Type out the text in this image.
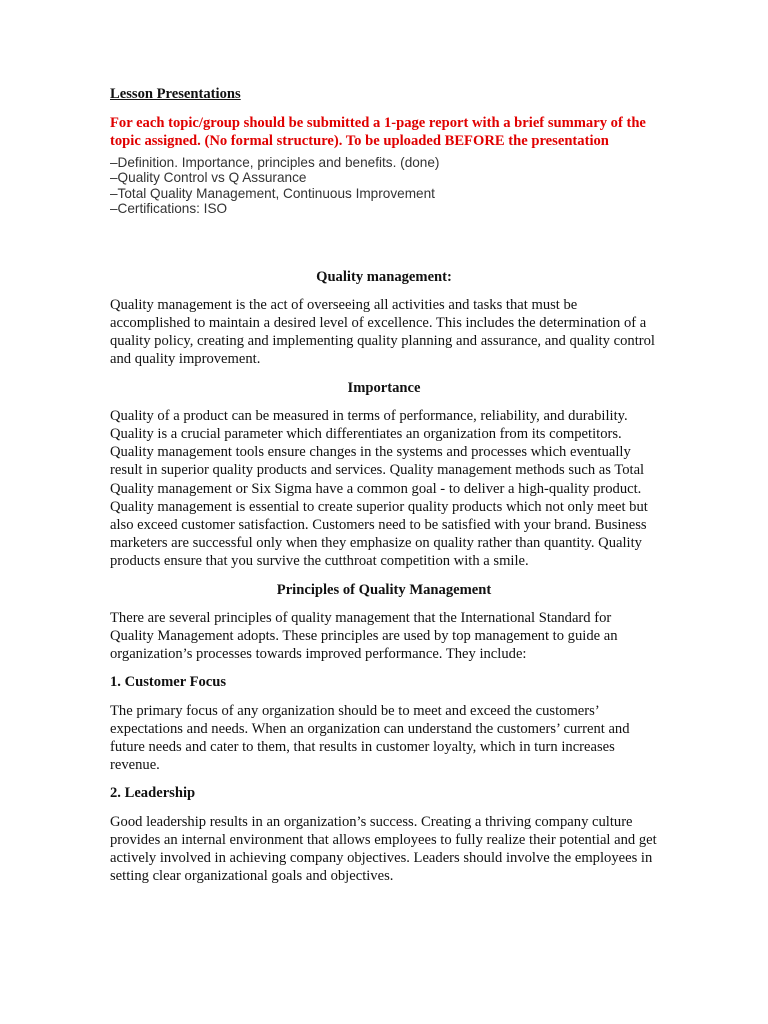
Lesson Presentations

For each topic/group should be submitted a 1-page report with a brief summary of the topic assigned. (No formal structure). To be uploaded BEFORE the presentation

–Definition. Importance, principles and benefits. (done)
–Quality Control vs Q Assurance
–Total Quality Management, Continuous Improvement
–Certifications: ISO

Quality management:

Quality management is the act of overseeing all activities and tasks that must be accomplished to maintain a desired level of excellence. This includes the determination of a quality policy, creating and implementing quality planning and assurance, and quality control and quality improvement.

Importance

Quality of a product can be measured in terms of performance, reliability, and durability. Quality is a crucial parameter which differentiates an organization from its competitors. Quality management tools ensure changes in the systems and processes which eventually result in superior quality products and services. Quality management methods such as Total Quality management or Six Sigma have a common goal - to deliver a high-quality product. Quality management is essential to create superior quality products which not only meet but also exceed customer satisfaction. Customers need to be satisfied with your brand. Business marketers are successful only when they emphasize on quality rather than quantity. Quality products ensure that you survive the cutthroat competition with a smile.

Principles of Quality Management

There are several principles of quality management that the International Standard for Quality Management adopts. These principles are used by top management to guide an organization’s processes towards improved performance. They include:

1. Customer Focus

The primary focus of any organization should be to meet and exceed the customers’ expectations and needs. When an organization can understand the customers’ current and future needs and cater to them, that results in customer loyalty, which in turn increases revenue.

2. Leadership

Good leadership results in an organization’s success. Creating a thriving company culture provides an internal environment that allows employees to fully realize their potential and get actively involved in achieving company objectives. Leaders should involve the employees in setting clear organizational goals and objectives.
